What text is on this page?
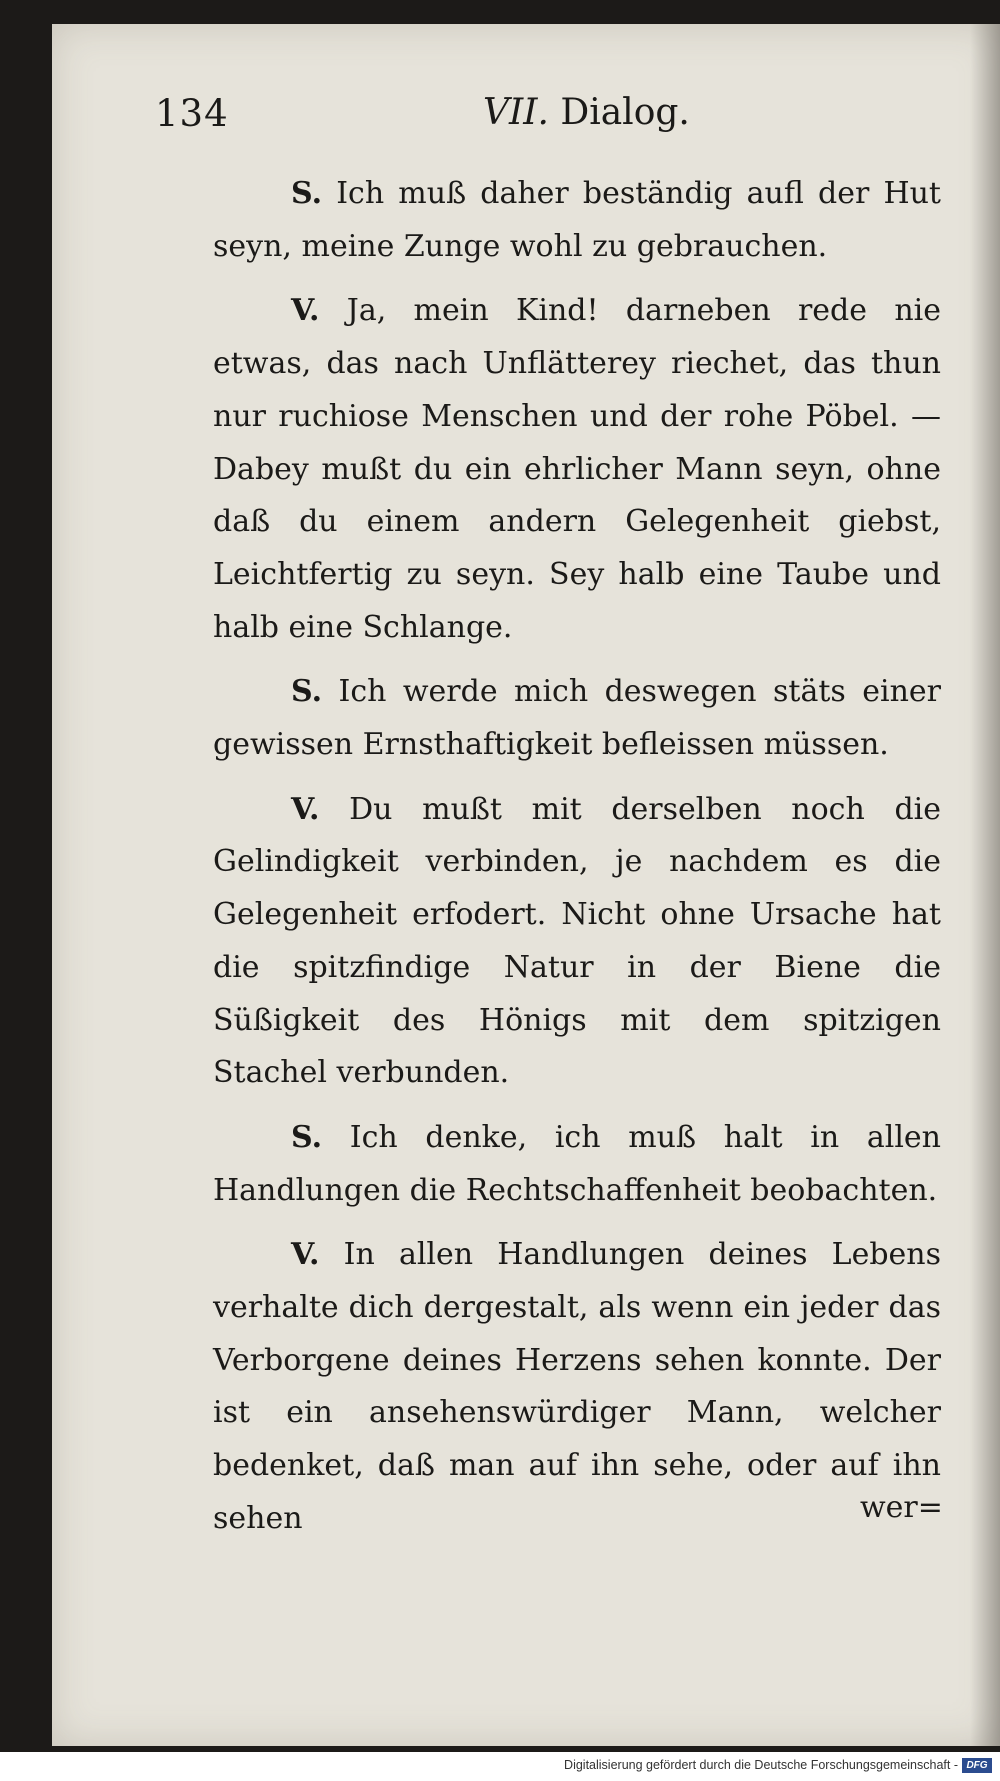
134	VII. Dialog.

S. Ich muß daher beständig aufl der Hut seyn, meine Zunge wohl zu gebrauchen.

V. Ja, mein Kind! darneben rede nie etwas, das nach Unflätterey riechet, das thun nur ruchiose Menschen und der rohe Pöbel. — Dabey mußt du ein ehrlicher Mann seyn, ohne daß du einem andern Gelegenheit giebst, Leichtfertig zu seyn. Sey halb eine Taube und halb eine Schlange.

S. Ich werde mich deswegen stäts einer gewissen Ernsthaftigkeit befleissen müssen.

V. Du mußt mit derselben noch die Gelindigkeit verbinden, je nachdem es die Gelegenheit erfodert. Nicht ohne Ursache hat die spitzfindige Natur in der Biene die Süßigkeit des Hönigs mit dem spitzigen Stachel verbunden.

S. Ich denke, ich muß halt in allen Handlungen die Rechtschaffenheit beobachten.

V. In allen Handlungen deines Lebens verhalte dich dergestalt, als wenn ein jeder das Verborgene deines Herzens sehen konnte. Der ist ein ansehenswürdiger Mann, welcher bedenket, daß man auf ihn sehe, oder auf ihn sehen	wer=
Digitalisierung gefördert durch die Deutsche Forschungsgemeinschaft - DFG
